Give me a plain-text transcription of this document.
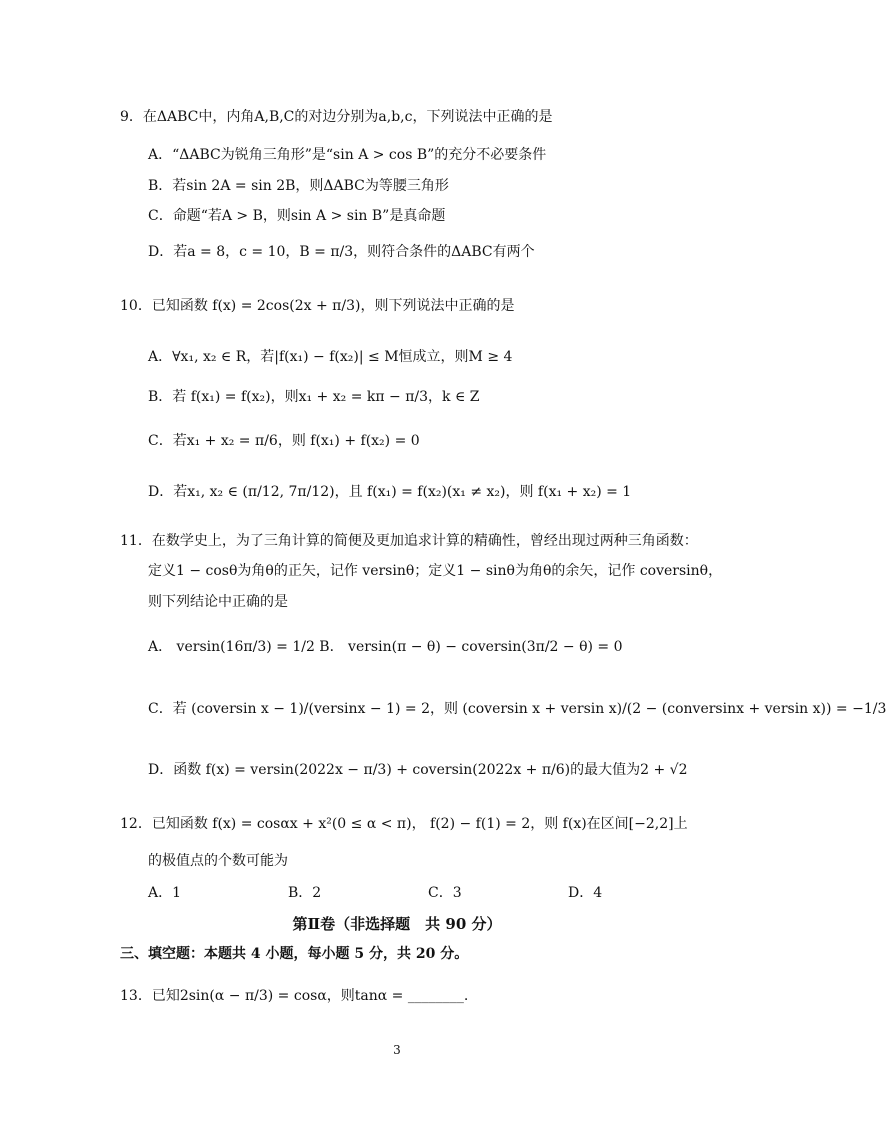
9．在ΔABC中，内角A,B,C的对边分别为a,b,c，下列说法中正确的是
A．“ΔABC为锐角三角形”是“sin A > cos B”的充分不必要条件
B．若sin 2A = sin 2B，则ΔABC为等腰三角形
C．命题“若A > B，则sin A > sin B”是真命题
D．若a = 8，c = 10，B = π/3，则符合条件的ΔABC有两个
10．已知函数 f(x) = 2cos(2x + π/3)，则下列说法中正确的是
A．∀x₁, x₂ ∈ R，若|f(x₁) − f(x₂)| ≤ M恒成立，则M ≥ 4
B．若 f(x₁) = f(x₂)，则x₁ + x₂ = kπ − π/3，k ∈ Z
C．若x₁ + x₂ = π/6，则 f(x₁) + f(x₂) = 0
D．若x₁, x₂ ∈ (π/12, 7π/12)，且 f(x₁) = f(x₂)(x₁ ≠ x₂)，则 f(x₁ + x₂) = 1
11．在数学史上，为了三角计算的简便及更加追求计算的精确性，曾经出现过两种三角函数：
定义1 − cosθ为角θ的正矢，记作 versinθ；定义1 − sinθ为角θ的余矢，记作 coversinθ，
则下列结论中正确的是
A． versin(16π/3) = 1/2 B． versin(π − θ) − coversin(3π/2 − θ) = 0
C．若 (coversin x − 1)/(versinx − 1) = 2，则 (coversin x + versin x)/(2 − (conversinx + versin x)) = −1/3
D．函数 f(x) = versin(2022x − π/3) + coversin(2022x + π/6)的最大值为2 + √2
12．已知函数 f(x) = cosαx + x²(0 ≤ α < π)， f(2) − f(1) = 2，则 f(x)在区间[−2,2]上
的极值点的个数可能为
A．1	B．2	C．3	D．4
第Ⅱ卷（非选择题　共 90 分）
三、填空题：本题共 4 小题，每小题 5 分，共 20 分。
13．已知2sin(α − π/3) = cosα，则tanα = ________.
3
